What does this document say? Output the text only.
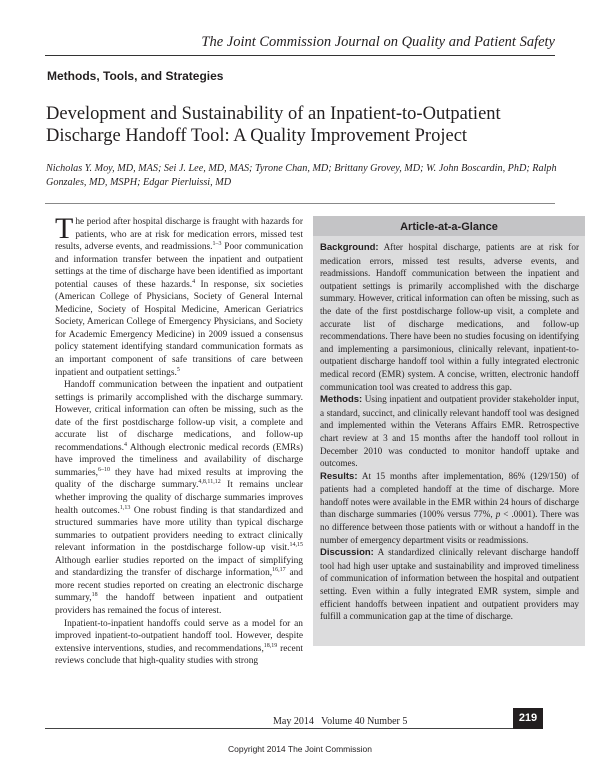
The Joint Commission Journal on Quality and Patient Safety
Methods, Tools, and Strategies
Development and Sustainability of an Inpatient-to-Outpatient Discharge Handoff Tool: A Quality Improvement Project
Nicholas Y. Moy, MD, MAS; Sei J. Lee, MD, MAS; Tyrone Chan, MD; Brittany Grovey, MD; W. John Boscardin, PhD; Ralph Gonzales, MD, MSPH; Edgar Pierluissi, MD

The period after hospital discharge is fraught with hazards for patients, who are at risk for medication errors, missed test results, adverse events, and readmissions.$^{1-3}$ Poor communication and information transfer between the inpatient and outpatient settings at the time of discharge have been identified as important potential causes of these hazards.$^4$ In response, six societies (American College of Physicians, Society of General Internal Medicine, Society of Hospital Medicine, American Geriatrics Society, American College of Emergency Physicians, and Society for Academic Emergency Medicine) in 2009 issued a consensus policy statement identifying standard communication formats as an important component of safe transitions of care between inpatient and outpatient settings.$^5$

Handoff communication between the inpatient and outpatient settings is primarily accomplished with the discharge summary. However, critical information can often be missing, such as the date of the first postdischarge follow-up visit, a complete and accurate list of discharge medications, and follow-up recommendations.$^4$ Although electronic medical records (EMRs) have improved the timeliness and availability of discharge summaries,$^{6-10}$ they have had mixed results at improving the quality of the discharge summary.$^{4,8,11,12}$ It remains unclear whether improving the quality of discharge summaries improves health outcomes.$^{1,13}$ One robust finding is that standardized and structured summaries have more utility than typical discharge summaries to outpatient providers needing to extract clinically relevant information in the postdischarge follow-up visit.$^{14,15}$ Although earlier studies reported on the impact of simplifying and standardizing the transfer of discharge information,$^{16,17}$ and more recent studies reported on creating an electronic discharge summary,$^{18}$ the handoff between inpatient and outpatient providers has remained the focus of interest.

Inpatient-to-inpatient handoffs could serve as a model for an improved inpatient-to-outpatient handoff tool. However, despite extensive interventions, studies, and recommendations,$^{18,19}$ recent reviews conclude that high-quality studies with strong

Article-at-a-Glance

Background: After hospital discharge, patients are at risk for medication errors, missed test results, adverse events, and readmissions. Handoff communication between the inpatient and outpatient settings is primarily accomplished with the discharge summary. However, critical information can often be missing, such as the date of the first postdischarge follow-up visit, a complete and accurate list of discharge medications, and follow-up recommendations. There have been no studies focusing on identifying and implementing a parsimonious, clinically relevant, inpatient-to-outpatient discharge handoff tool within a fully integrated electronic medical record (EMR) system. A concise, written, electronic handoff communication tool was created to address this gap.

Methods: Using inpatient and outpatient provider stakeholder input, a standard, succinct, and clinically relevant handoff tool was designed and implemented within the Veterans Affairs EMR. Retrospective chart review at 3 and 15 months after the handoff tool rollout in December 2010 was conducted to monitor handoff uptake and outcomes.

Results: At 15 months after implementation, 86% (129/150) of patients had a completed handoff at the time of discharge. More handoff notes were available in the EMR within 24 hours of discharge than discharge summaries (100% versus 77%, p < .0001). There was no difference between those patients with or without a handoff in the number of emergency department visits or readmissions.

Discussion: A standardized clinically relevant discharge handoff tool had high user uptake and sustainability and improved timeliness of communication of information between the hospital and outpatient setting. Even within a fully integrated EMR system, simple and efficient handoffs between inpatient and outpatient providers may fulfill a communication gap at the time of discharge.

May 2014   Volume 40 Number 5	219
Copyright 2014 The Joint Commission
